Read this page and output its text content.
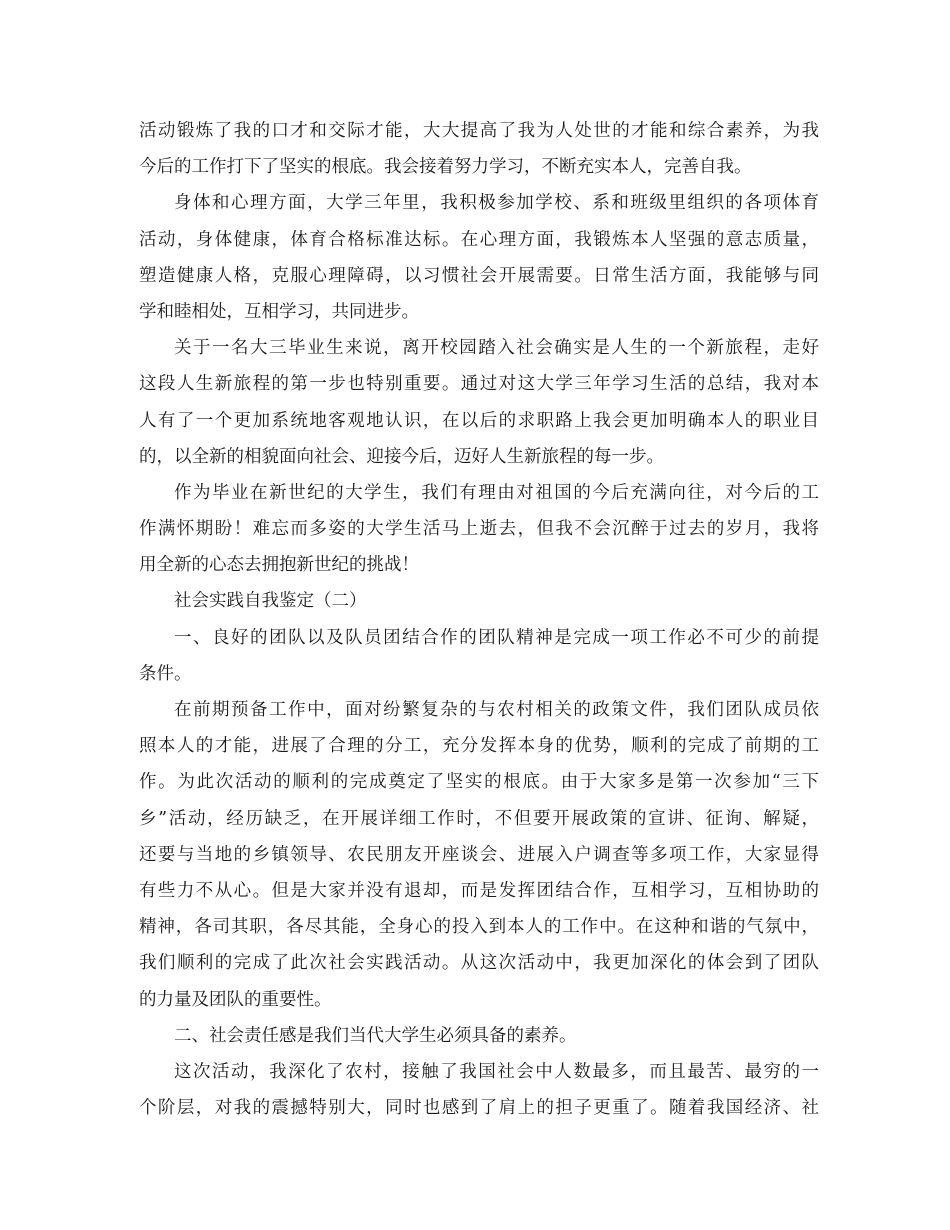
活动锻炼了我的口才和交际才能，大大提高了我为人处世的才能和综合素养，为我
今后的工作打下了坚实的根底。我会接着努力学习，不断充实本人，完善自我。
身体和心理方面，大学三年里，我积极参加学校、系和班级里组织的各项体育
活动，身体健康，体育合格标准达标。在心理方面，我锻炼本人坚强的意志质量，
塑造健康人格，克服心理障碍，以习惯社会开展需要。日常生活方面，我能够与同
学和睦相处，互相学习，共同进步。
关于一名大三毕业生来说，离开校园踏入社会确实是人生的一个新旅程，走好
这段人生新旅程的第一步也特别重要。通过对这大学三年学习生活的总结，我对本
人有了一个更加系统地客观地认识，在以后的求职路上我会更加明确本人的职业目
的，以全新的相貌面向社会、迎接今后，迈好人生新旅程的每一步。
作为毕业在新世纪的大学生，我们有理由对祖国的今后充满向往，对今后的工
作满怀期盼！难忘而多姿的大学生活马上逝去，但我不会沉醉于过去的岁月，我将
用全新的心态去拥抱新世纪的挑战！
社会实践自我鉴定（二）
一、良好的团队以及队员团结合作的团队精神是完成一项工作必不可少的前提
条件。
在前期预备工作中，面对纷繁复杂的与农村相关的政策文件，我们团队成员依
照本人的才能，进展了合理的分工，充分发挥本身的优势，顺利的完成了前期的工
作。为此次活动的顺利的完成奠定了坚实的根底。由于大家多是第一次参加“三下
乡”活动，经历缺乏，在开展详细工作时，不但要开展政策的宣讲、征询、解疑，
还要与当地的乡镇领导、农民朋友开座谈会、进展入户调查等多项工作，大家显得
有些力不从心。但是大家并没有退却，而是发挥团结合作，互相学习，互相协助的
精神，各司其职，各尽其能，全身心的投入到本人的工作中。在这种和谐的气氛中，
我们顺利的完成了此次社会实践活动。从这次活动中，我更加深化的体会到了团队
的力量及团队的重要性。
二、社会责任感是我们当代大学生必须具备的素养。
这次活动，我深化了农村，接触了我国社会中人数最多，而且最苦、最穷的一
个阶层，对我的震撼特别大，同时也感到了肩上的担子更重了。随着我国经济、社
